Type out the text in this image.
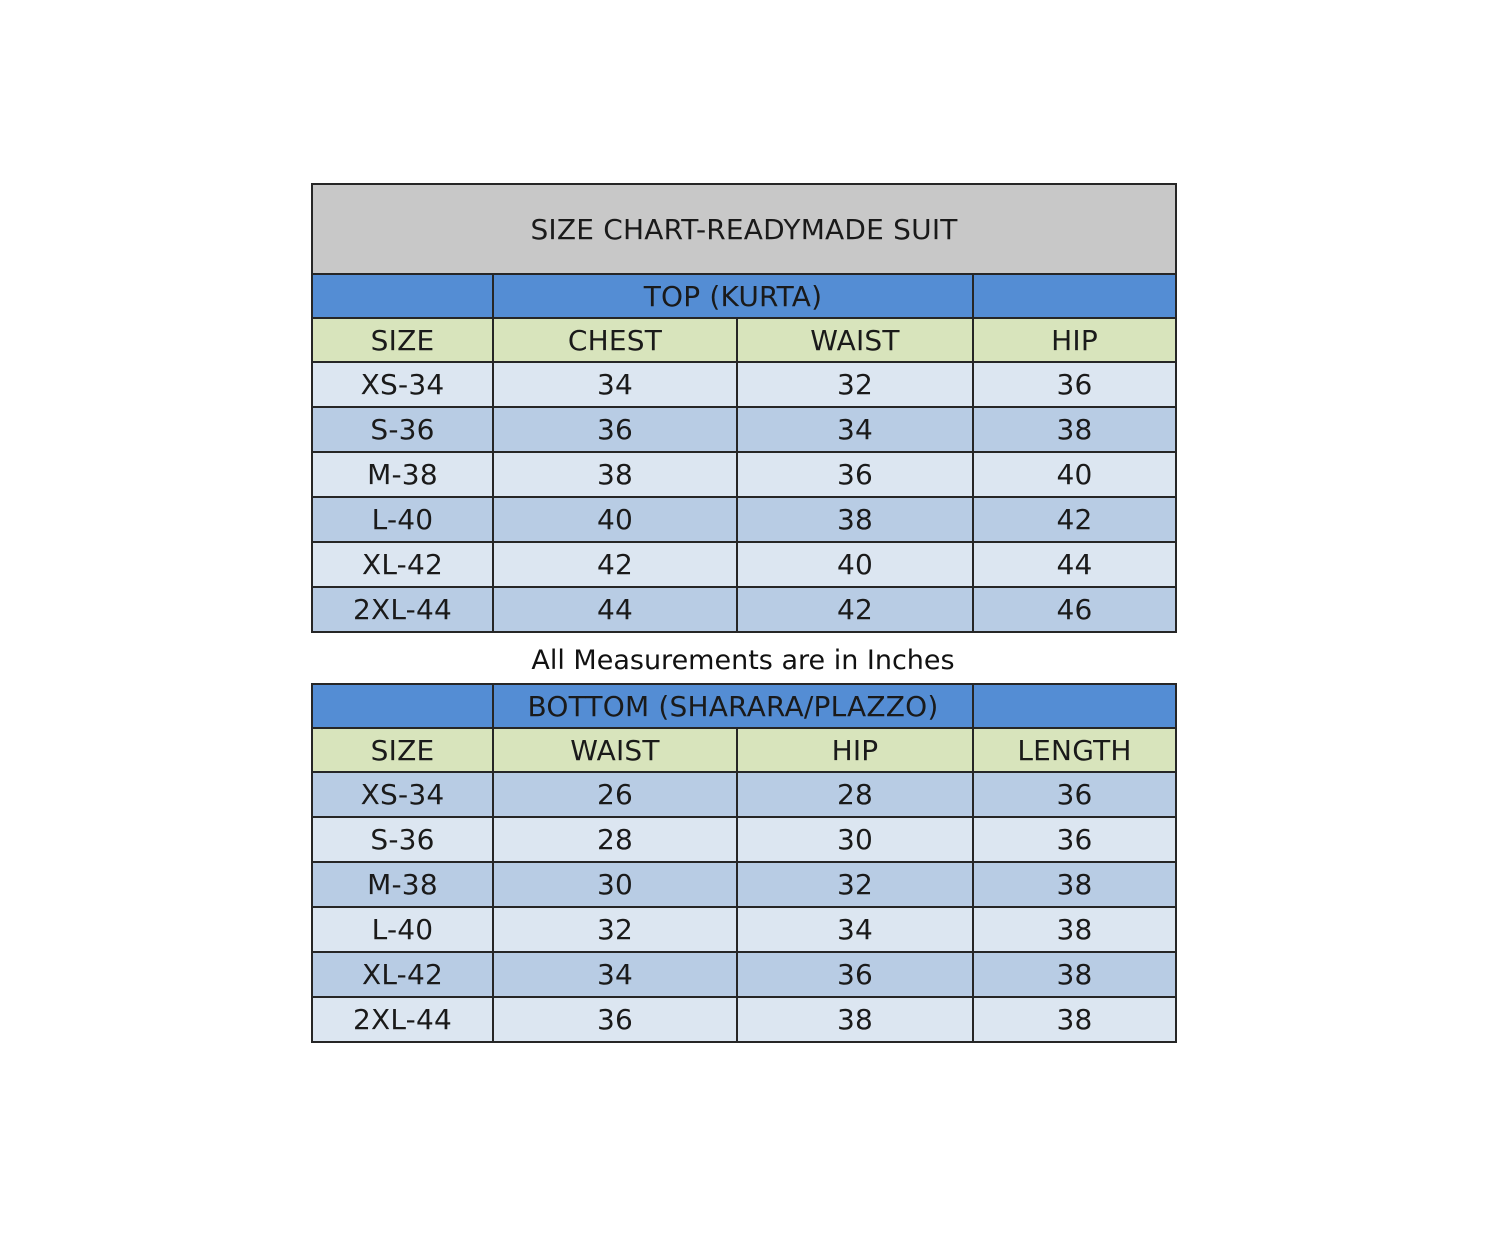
SIZE CHART-READYMADE SUIT			
	TOP (KURTA)		
SIZE	CHEST	WAIST	HIP
XS-34	34	32	36
S-36	36	34	38
M-38	38	36	40
L-40	40	38	42
XL-42	42	40	44
2XL-44	44	42	46
All Measurements are in Inches
	BOTTOM (SHARARA/PLAZZO)		
SIZE	WAIST	HIP	LENGTH
XS-34	26	28	36
S-36	28	30	36
M-38	30	32	38
L-40	32	34	38
XL-42	34	36	38
2XL-44	36	38	38
